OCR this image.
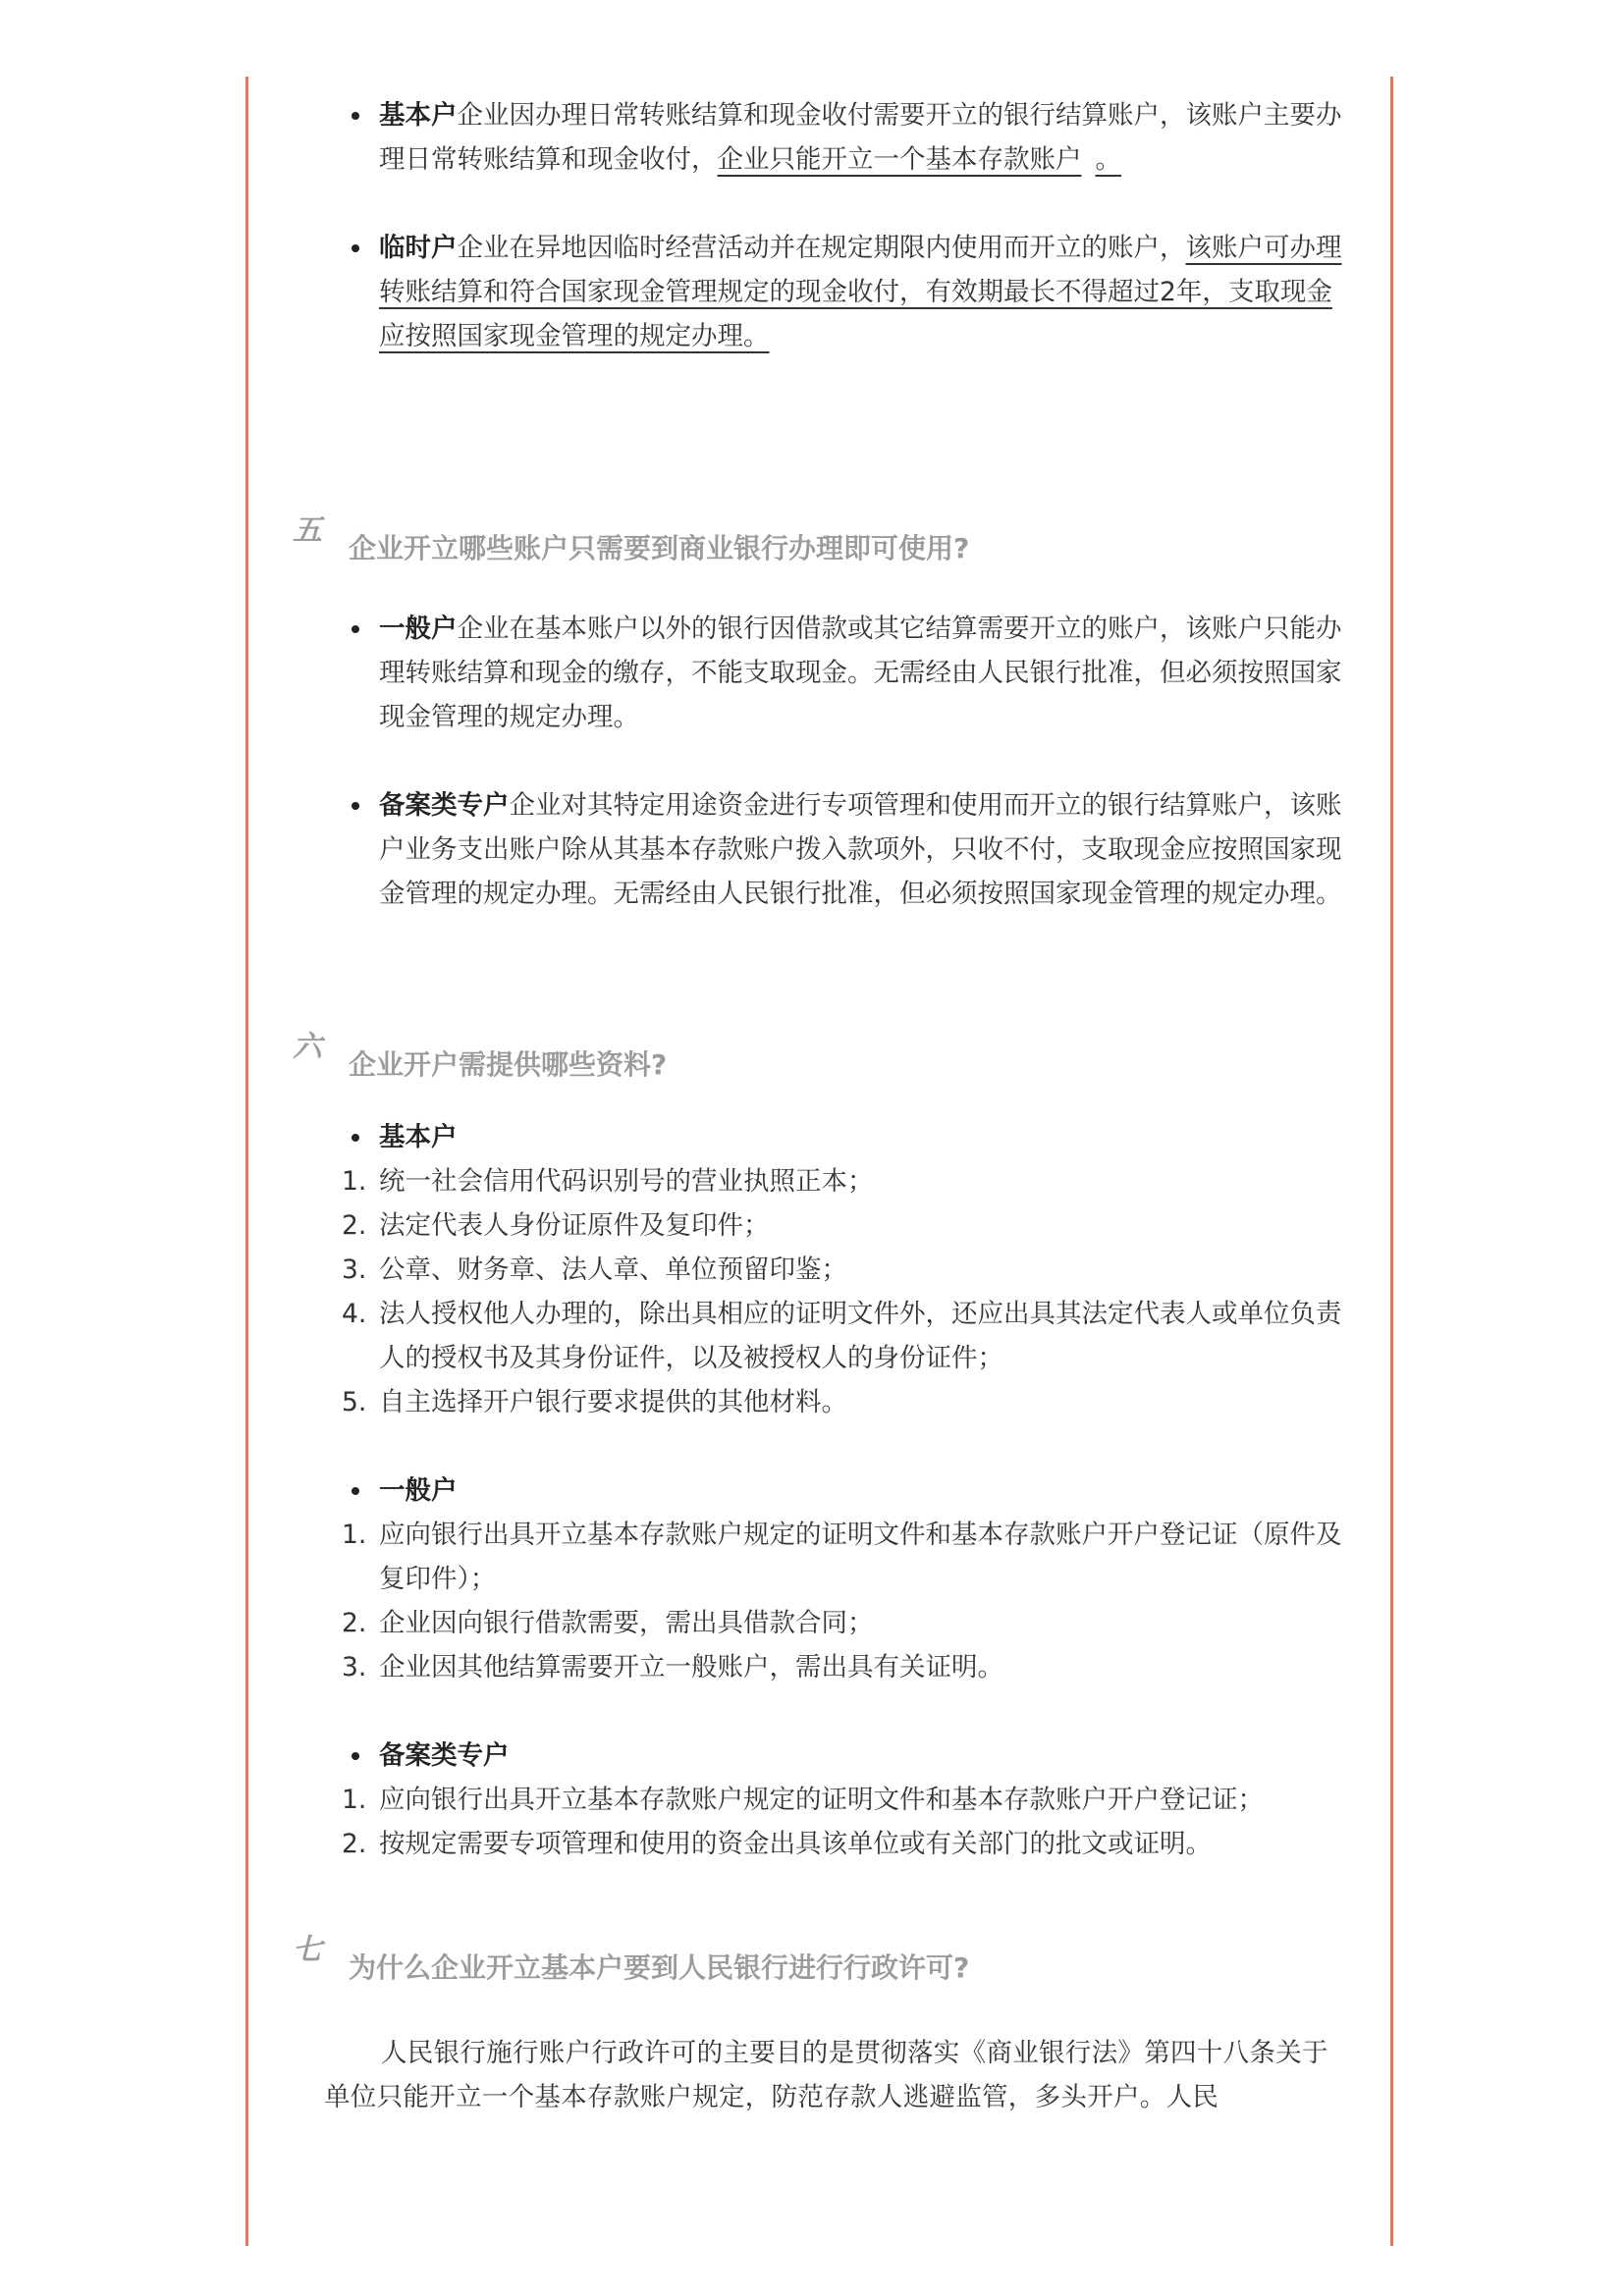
基本户企业因办理日常转账结算和现金收付需要开立的银行结算账户，该账户主要办理日常转账结算和现金收付，企业只能开立一个基本存款账户 。

临时户企业在异地因临时经营活动并在规定期限内使用而开立的账户，该账户可办理转账结算和符合国家现金管理规定的现金收付，有效期最长不得超过2年，支取现金应按照国家现金管理的规定办理。

五
企业开立哪些账户只需要到商业银行办理即可使用?

一般户企业在基本账户以外的银行因借款或其它结算需要开立的账户，该账户只能办理转账结算和现金的缴存，不能支取现金。无需经由人民银行批准，但必须按照国家现金管理的规定办理。

备案类专户企业对其特定用途资金进行专项管理和使用而开立的银行结算账户，该账户业务支出账户除从其基本存款账户拨入款项外，只收不付，支取现金应按照国家现金管理的规定办理。无需经由人民银行批准，但必须按照国家现金管理的规定办理。

六
企业开户需提供哪些资料?

基本户

1. 统一社会信用代码识别号的营业执照正本；
2. 法定代表人身份证原件及复印件；
3. 公章、财务章、法人章、单位预留印鉴；
4. 法人授权他人办理的，除出具相应的证明文件外，还应出具其法定代表人或单位负责人的授权书及其身份证件，以及被授权人的身份证件；
5. 自主选择开户银行要求提供的其他材料。

一般户

1. 应向银行出具开立基本存款账户规定的证明文件和基本存款账户开户登记证（原件及复印件）；
2. 企业因向银行借款需要，需出具借款合同；
3. 企业因其他结算需要开立一般账户，需出具有关证明。

备案类专户

1. 应向银行出具开立基本存款账户规定的证明文件和基本存款账户开户登记证；
2. 按规定需要专项管理和使用的资金出具该单位或有关部门的批文或证明。
七
为什么企业开立基本户要到人民银行进行行政许可?

人民银行施行账户行政许可的主要目的是贯彻落实《商业银行法》第四十八条关于单位只能开立一个基本存款账户规定，防范存款人逃避监管，多头开户。人民
